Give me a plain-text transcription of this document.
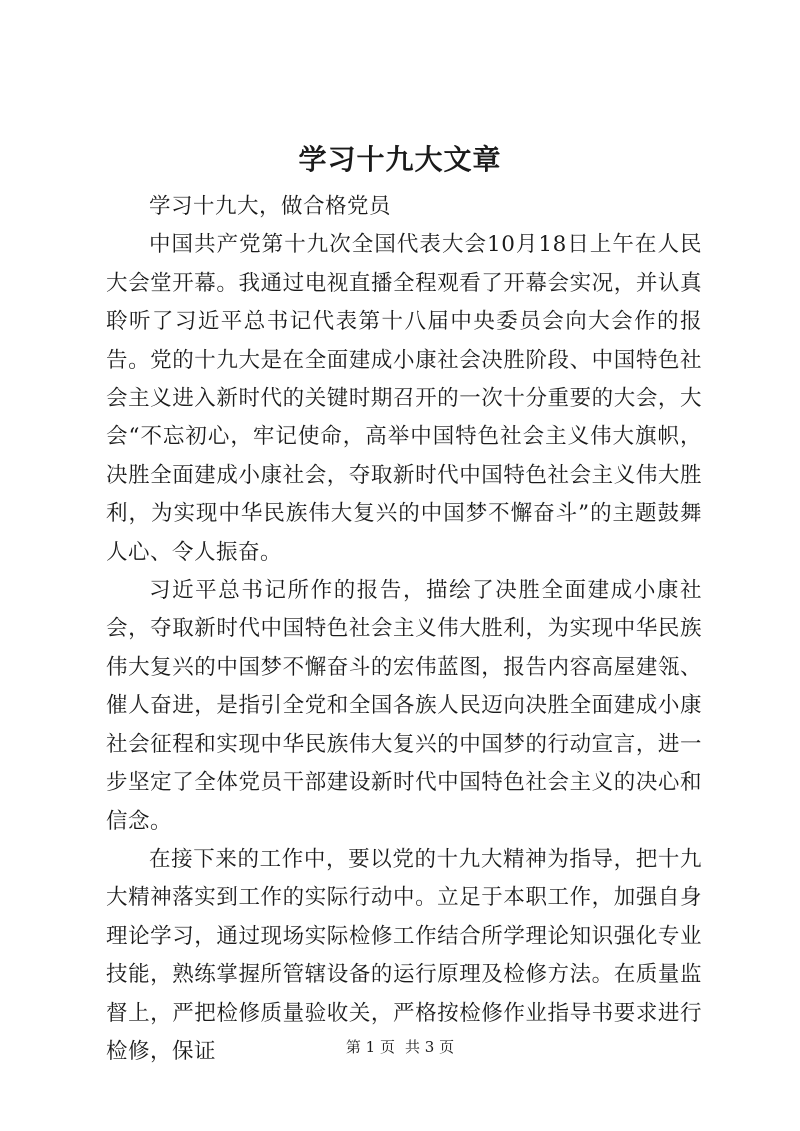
学习十九大文章

学习十九大，做合格党员

中国共产党第十九次全国代表大会10月18日上午在人民大会堂开幕。我通过电视直播全程观看了开幕会实况，并认真聆听了习近平总书记代表第十八届中央委员会向大会作的报告。党的十九大是在全面建成小康社会决胜阶段、中国特色社会主义进入新时代的关键时期召开的一次十分重要的大会，大会“不忘初心，牢记使命，高举中国特色社会主义伟大旗帜，决胜全面建成小康社会，夺取新时代中国特色社会主义伟大胜利，为实现中华民族伟大复兴的中国梦不懈奋斗”的主题鼓舞人心、令人振奋。

习近平总书记所作的报告，描绘了决胜全面建成小康社会，夺取新时代中国特色社会主义伟大胜利，为实现中华民族伟大复兴的中国梦不懈奋斗的宏伟蓝图，报告内容高屋建瓴、催人奋进，是指引全党和全国各族人民迈向决胜全面建成小康社会征程和实现中华民族伟大复兴的中国梦的行动宣言，进一步坚定了全体党员干部建设新时代中国特色社会主义的决心和信念。

在接下来的工作中，要以党的十九大精神为指导，把十九大精神落实到工作的实际行动中。立足于本职工作，加强自身理论学习，通过现场实际检修工作结合所学理论知识强化专业技能，熟练掌握所管辖设备的运行原理及检修方法。在质量监督上，严把检修质量验收关，严格按检修作业指导书要求进行检修，保证	第 1 页 共 3 页
